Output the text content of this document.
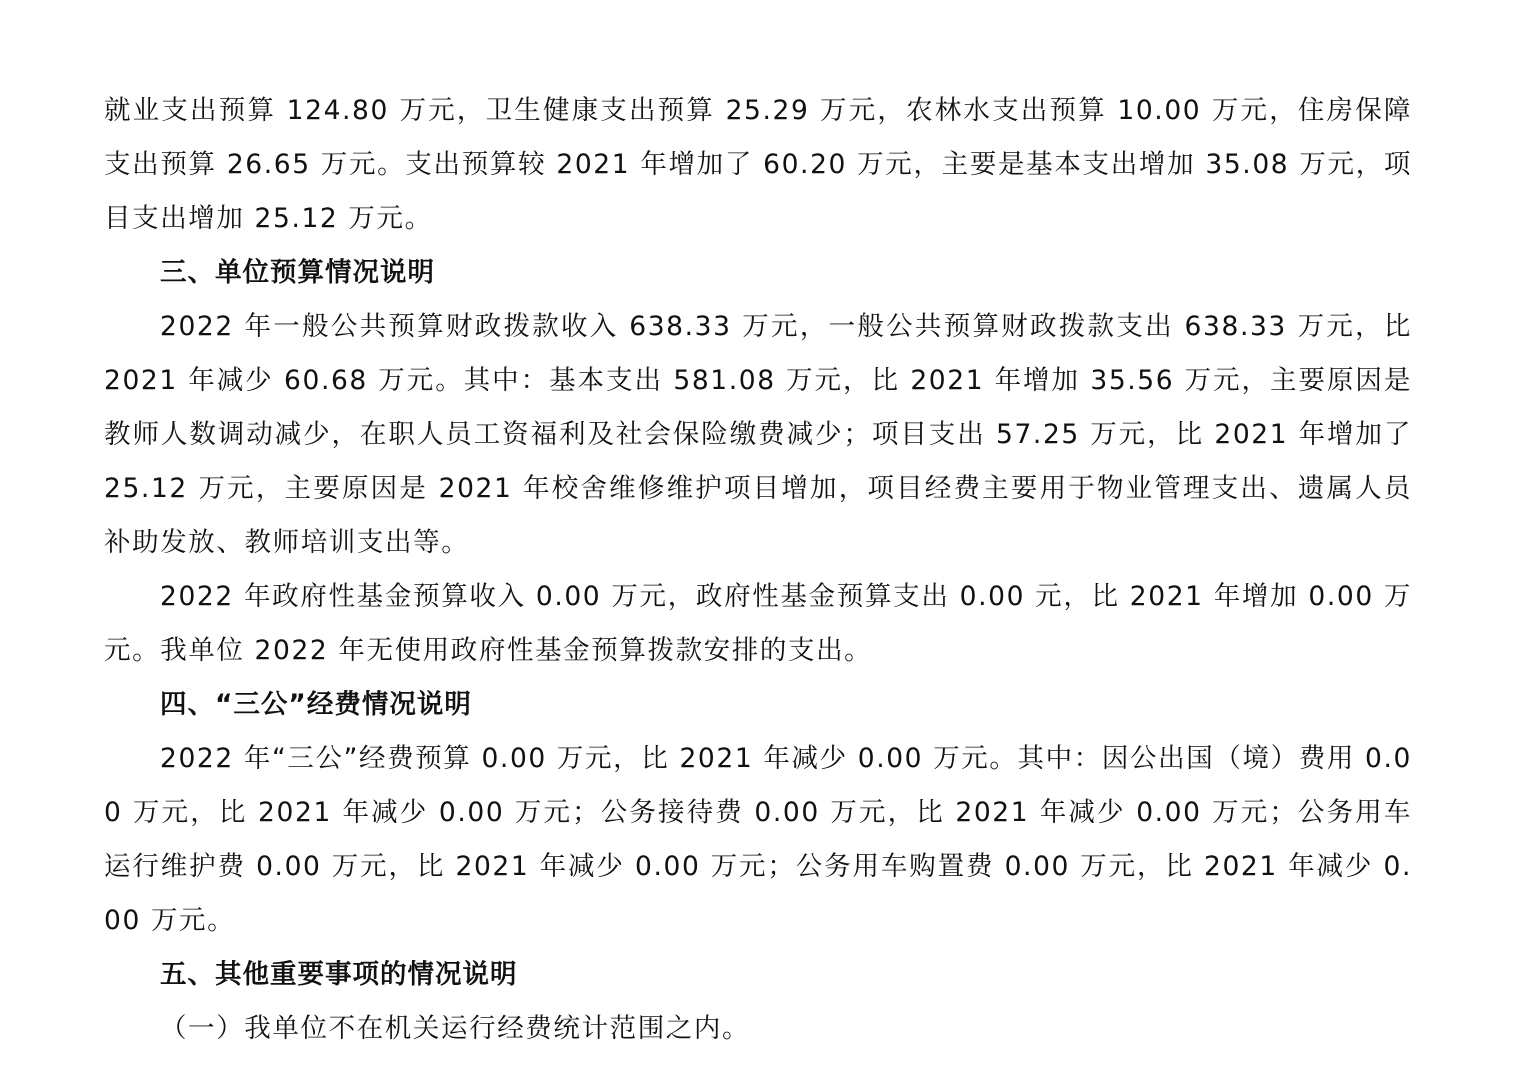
就业支出预算 124.80 万元，卫生健康支出预算 25.29 万元，农林水支出预算 10.00 万元，住房保障支出预算 26.65 万元。支出预算较 2021 年增加了 60.20 万元，主要是基本支出增加 35.08 万元，项目支出增加 25.12 万元。

三、单位预算情况说明

2022 年一般公共预算财政拨款收入 638.33 万元，一般公共预算财政拨款支出 638.33 万元，比 2021 年减少 60.68 万元。其中：基本支出 581.08 万元，比 2021 年增加 35.56 万元，主要原因是教师人数调动减少，在职人员工资福利及社会保险缴费减少；项目支出 57.25 万元，比 2021 年增加了 25.12 万元，主要原因是 2021 年校舍维修维护项目增加，项目经费主要用于物业管理支出、遗属人员补助发放、教师培训支出等。

2022 年政府性基金预算收入 0.00 万元，政府性基金预算支出 0.00 元，比 2021 年增加 0.00 万元。我单位 2022 年无使用政府性基金预算拨款安排的支出。

四、“三公”经费情况说明

2022 年“三公”经费预算 0.00 万元，比 2021 年减少 0.00 万元。其中：因公出国（境）费用 0.00 万元，比 2021 年减少 0.00 万元；公务接待费 0.00 万元，比 2021 年减少 0.00 万元；公务用车运行维护费 0.00 万元，比 2021 年减少 0.00 万元；公务用车购置费 0.00 万元，比 2021 年减少 0.00 万元。

五、其他重要事项的情况说明

（一）我单位不在机关运行经费统计范围之内。
